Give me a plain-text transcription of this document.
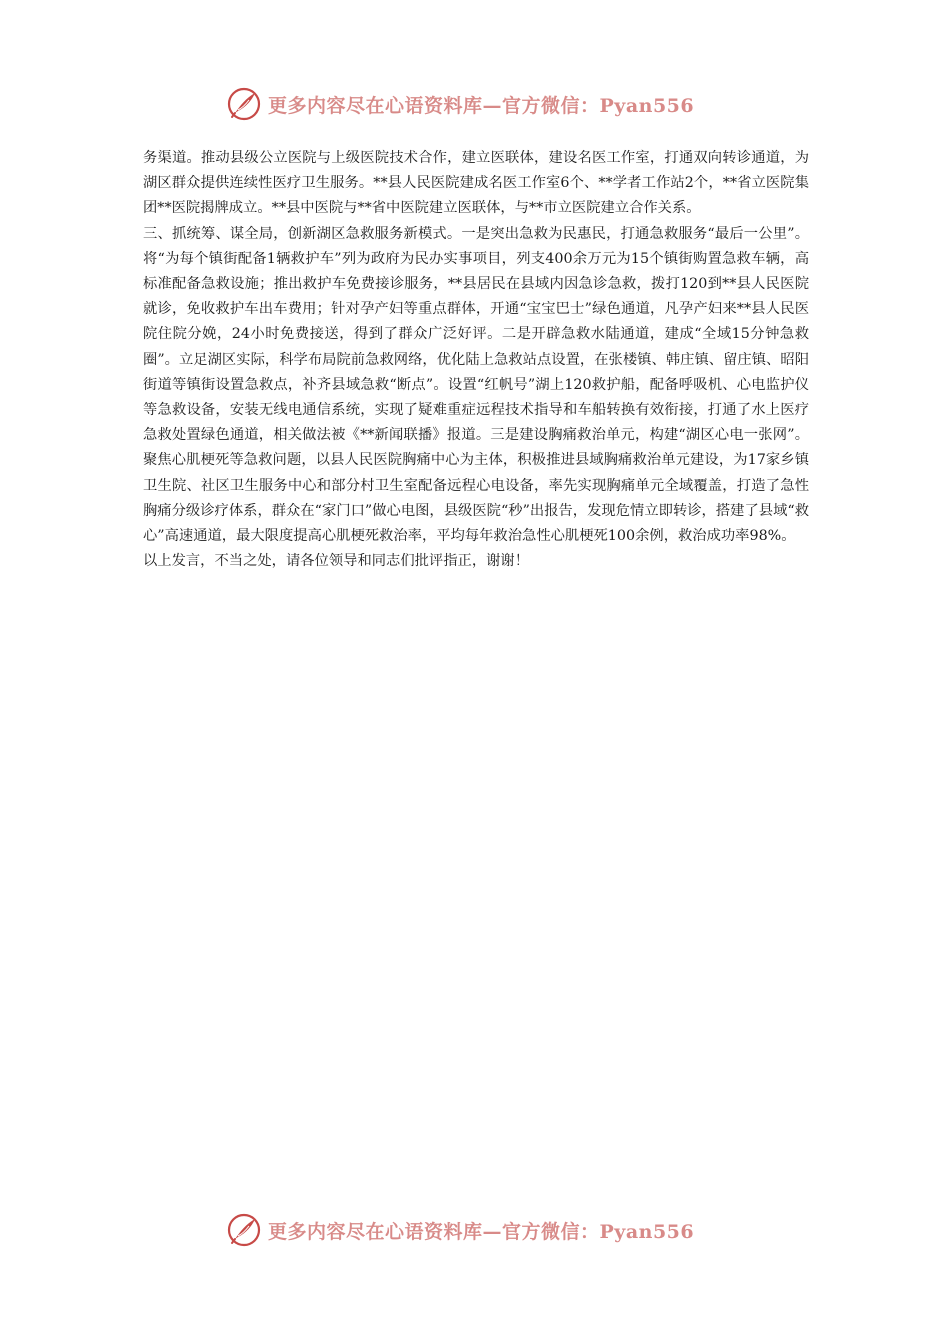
更多内容尽在心语资料库—官方微信：Pyan556

务渠道。推动县级公立医院与上级医院技术合作，建立医联体，建设名医工作室，打通双向转诊通道，为湖区群众提供连续性医疗卫生服务。**县人民医院建成名医工作室6个、**学者工作站2个，**省立医院集团**医院揭牌成立。**县中医院与**省中医院建立医联体，与**市立医院建立合作关系。

三、抓统筹、谋全局，创新湖区急救服务新模式。一是突出急救为民惠民，打通急救服务“最后一公里”。将“为每个镇街配备1辆救护车”列为政府为民办实事项目，列支400余万元为15个镇街购置急救车辆，高标准配备急救设施；推出救护车免费接诊服务，**县居民在县域内因急诊急救，拨打120到**县人民医院就诊，免收救护车出车费用；针对孕产妇等重点群体，开通“宝宝巴士”绿色通道，凡孕产妇来**县人民医院住院分娩，24小时免费接送，得到了群众广泛好评。二是开辟急救水陆通道，建成“全域15分钟急救圈”。立足湖区实际，科学布局院前急救网络，优化陆上急救站点设置，在张楼镇、韩庄镇、留庄镇、昭阳街道等镇街设置急救点，补齐县域急救“断点”。设置“红帆号”湖上120救护船，配备呼吸机、心电监护仪等急救设备，安装无线电通信系统，实现了疑难重症远程技术指导和车船转换有效衔接，打通了水上医疗急救处置绿色通道，相关做法被《**新闻联播》报道。三是建设胸痛救治单元，构建“湖区心电一张网”。聚焦心肌梗死等急救问题，以县人民医院胸痛中心为主体，积极推进县域胸痛救治单元建设，为17家乡镇卫生院、社区卫生服务中心和部分村卫生室配备远程心电设备，率先实现胸痛单元全域覆盖，打造了急性胸痛分级诊疗体系，群众在“家门口”做心电图，县级医院“秒”出报告，发现危情立即转诊，搭建了县域“救心”高速通道，最大限度提高心肌梗死救治率，平均每年救治急性心肌梗死100余例，救治成功率98%。

以上发言，不当之处，请各位领导和同志们批评指正，谢谢！

更多内容尽在心语资料库—官方微信：Pyan556
